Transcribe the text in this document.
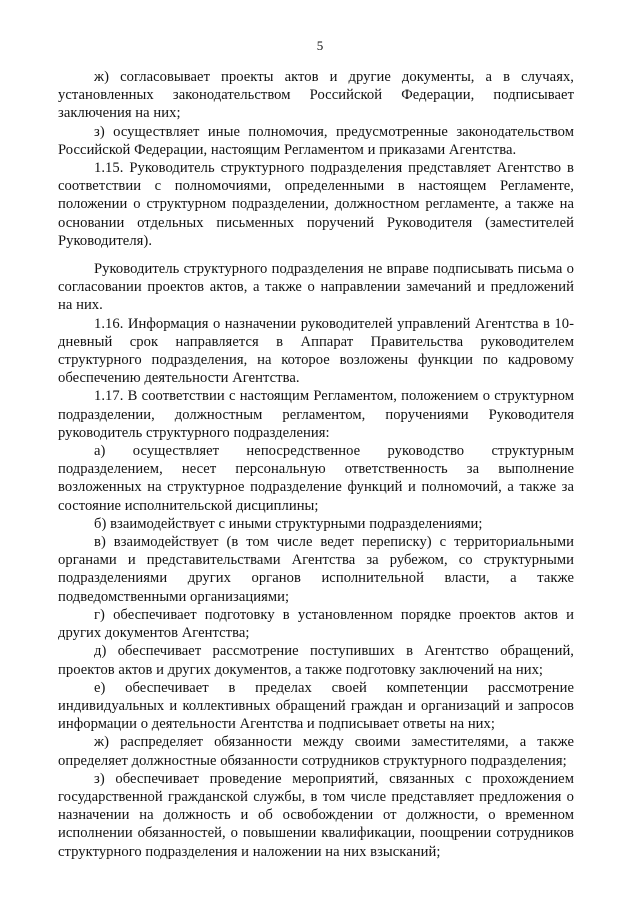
5

ж) согласовывает проекты актов и другие документы, а в случаях, установленных законодательством Российской Федерации, подписывает заключения на них;

з) осуществляет иные полномочия, предусмотренные законодательством Российской Федерации, настоящим Регламентом и приказами Агентства.

1.15. Руководитель структурного подразделения представляет Агентство в соответствии с полномочиями, определенными в настоящем Регламенте, положении о структурном подразделении, должностном регламенте, а также на основании отдельных письменных поручений Руководителя (заместителей Руководителя).

Руководитель структурного подразделения не вправе подписывать письма о согласовании проектов актов, а также о направлении замечаний и предложений на них.

1.16. Информация о назначении руководителей управлений Агентства в 10-дневный срок направляется в Аппарат Правительства руководителем структурного подразделения, на которое возложены функции по кадровому обеспечению деятельности Агентства.

1.17. В соответствии с настоящим Регламентом, положением о структурном подразделении, должностным регламентом, поручениями Руководителя руководитель структурного подразделения:

а) осуществляет непосредственное руководство структурным подразделением, несет персональную ответственность за выполнение возложенных на структурное подразделение функций и полномочий, а также за состояние исполнительской дисциплины;

б) взаимодействует с иными структурными подразделениями;

в) взаимодействует (в том числе ведет переписку) с территориальными органами и представительствами Агентства за рубежом, со структурными подразделениями других органов исполнительной власти, а также подведомственными организациями;

г) обеспечивает подготовку в установленном порядке проектов актов и других документов Агентства;

д) обеспечивает рассмотрение поступивших в Агентство обращений, проектов актов и других документов, а также подготовку заключений на них;

е) обеспечивает в пределах своей компетенции рассмотрение индивидуальных и коллективных обращений граждан и организаций и запросов информации о деятельности Агентства и подписывает ответы на них;

ж) распределяет обязанности между своими заместителями, а также определяет должностные обязанности сотрудников структурного подразделения;

з) обеспечивает проведение мероприятий, связанных с прохождением государственной гражданской службы, в том числе представляет предложения о назначении на должность и об освобождении от должности, о временном исполнении обязанностей, о повышении квалификации, поощрении сотрудников структурного подразделения и наложении на них взысканий;
